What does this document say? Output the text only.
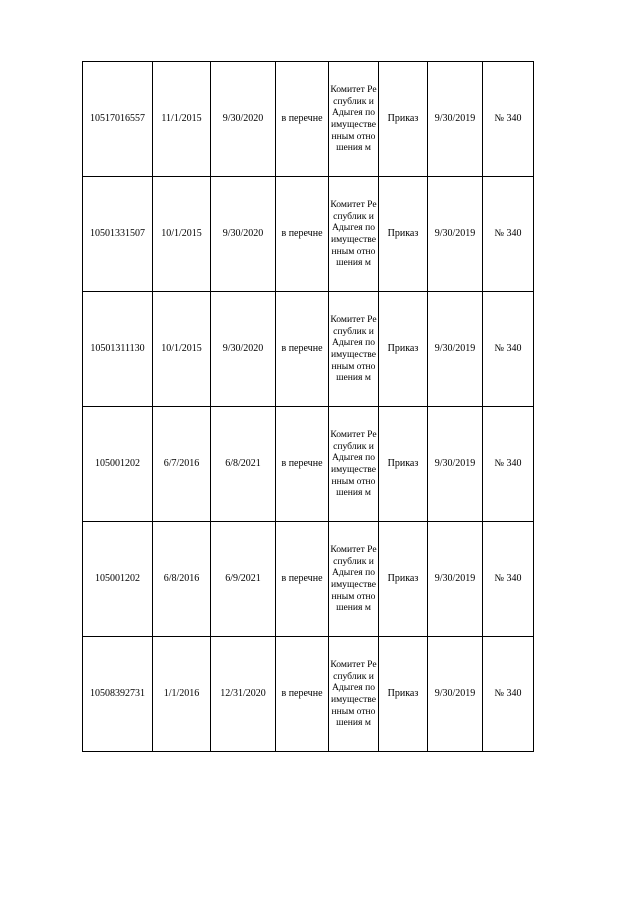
10517016557	11/1/2015	9/30/2020	в перечне	Комитет Республик и Адыгея по имуществе нным отношения м	Приказ	9/30/2019	№ 340
10501331507	10/1/2015	9/30/2020	в перечне	Комитет Республик и Адыгея по имуществе нным отношения м	Приказ	9/30/2019	№ 340
10501311130	10/1/2015	9/30/2020	в перечне	Комитет Республик и Адыгея по имуществе нным отношения м	Приказ	9/30/2019	№ 340
105001202	6/7/2016	6/8/2021	в перечне	Комитет Республик и Адыгея по имуществе нным отношения м	Приказ	9/30/2019	№ 340
105001202	6/8/2016	6/9/2021	в перечне	Комитет Республик и Адыгея по имуществе нным отношения м	Приказ	9/30/2019	№ 340
10508392731	1/1/2016	12/31/2020	в перечне	Комитет Республик и Адыгея по имуществе нным отношения м	Приказ	9/30/2019	№ 340
